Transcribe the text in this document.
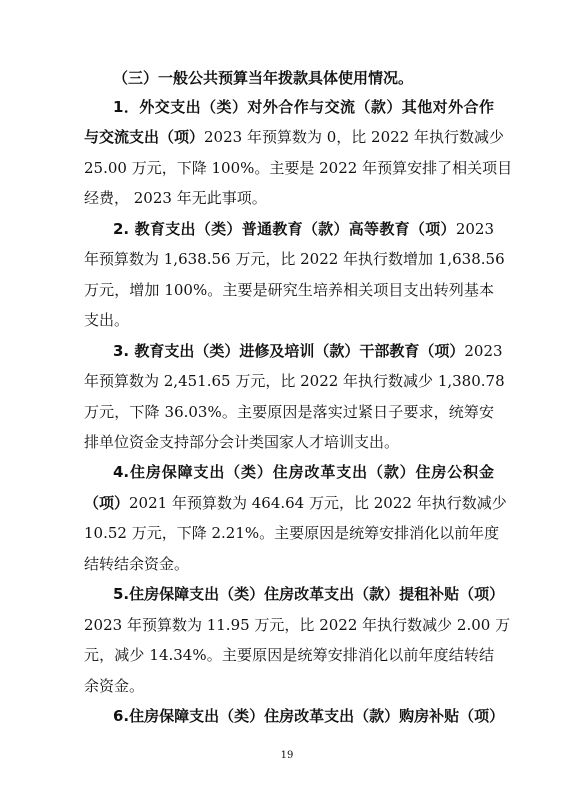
（三）一般公共预算当年拨款具体使用情况。
1．外交支出（类）对外合作与交流（款）其他对外合作
与交流支出（项）2023 年预算数为 0，比 2022 年执行数减少
25.00 万元，下降 100%。主要是 2022 年预算安排了相关项目
经费， 2023 年无此事项。
2. 教育支出（类）普通教育（款）高等教育（项）2023
年预算数为 1,638.56 万元，比 2022 年执行数增加 1,638.56
万元，增加 100%。主要是研究生培养相关项目支出转列基本
支出。
3. 教育支出（类）进修及培训（款）干部教育（项）2023
年预算数为 2,451.65 万元，比 2022 年执行数减少 1,380.78
万元，下降 36.03%。主要原因是落实过紧日子要求，统筹安
排单位资金支持部分会计类国家人才培训支出。
4.住房保障支出（类）住房改革支出（款）住房公积金
（项）2021 年预算数为 464.64 万元，比 2022 年执行数减少
10.52 万元，下降 2.21%。主要原因是统筹安排消化以前年度
结转结余资金。
5.住房保障支出（类）住房改革支出（款）提租补贴（项）
2023 年预算数为 11.95 万元，比 2022 年执行数减少 2.00 万
元，减少 14.34%。主要原因是统筹安排消化以前年度结转结
余资金。
6.住房保障支出（类）住房改革支出（款）购房补贴（项）
19
